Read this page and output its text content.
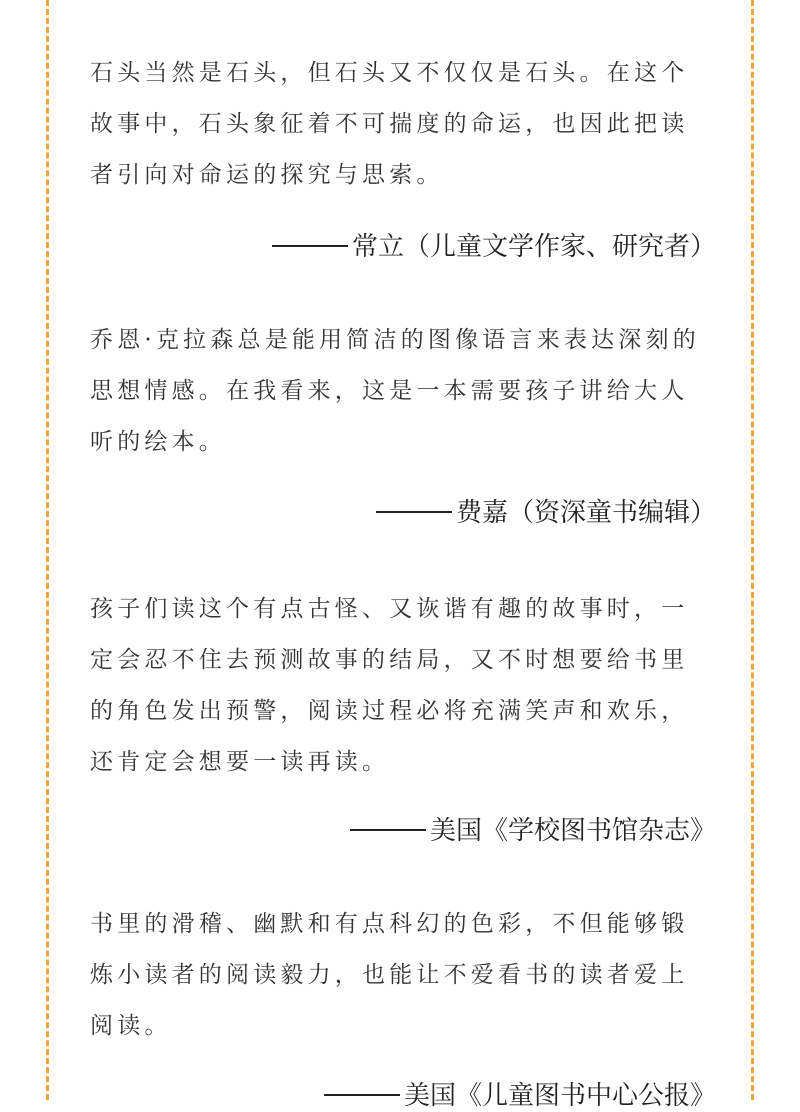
石头当然是石头，但石头又不仅仅是石头。在这个故事中，石头象征着不可揣度的命运，也因此把读者引向对命运的探究与思索。

常立（儿童文学作家、研究者）

乔恩·克拉森总是能用简洁的图像语言来表达深刻的思想情感。在我看来，这是一本需要孩子讲给大人听的绘本。

费嘉（资深童书编辑）

孩子们读这个有点古怪、又诙谐有趣的故事时，一定会忍不住去预测故事的结局，又不时想要给书里的角色发出预警，阅读过程必将充满笑声和欢乐，还肯定会想要一读再读。

美国《学校图书馆杂志》

书里的滑稽、幽默和有点科幻的色彩，不但能够锻炼小读者的阅读毅力，也能让不爱看书的读者爱上阅读。

美国《儿童图书中心公报》
